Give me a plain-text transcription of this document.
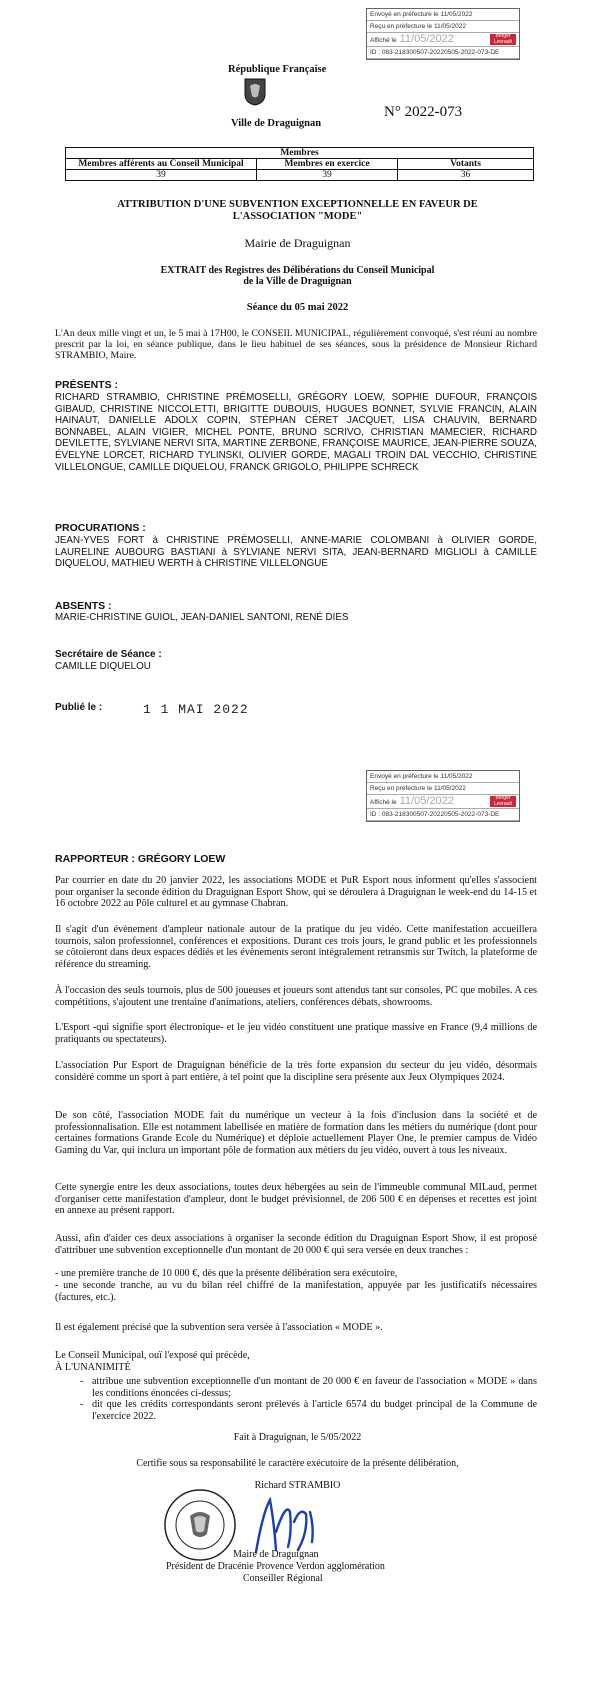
Envoyé en préfecture le 11/05/2022
Reçu en préfecture le 11/05/2022
Affiché le 11/05/2022
ID : 083-218300507-20220505-2022-073-DE
Berger Levrault
République Française
Ville de Draguignan
N° 2022-073
Membres		
Membres afférents au Conseil Municipal	Membres en exercice	Votants
39	39	36
ATTRIBUTION D'UNE SUBVENTION EXCEPTIONNELLE EN FAVEUR DE
L'ASSOCIATION "MODE"
Mairie de Draguignan
EXTRAIT des Registres des Délibérations du Conseil Municipal
de la Ville de Draguignan
Séance du 05 mai 2022
L'An deux mille vingt et un, le 5 mai à 17H00, le CONSEIL MUNICIPAL, régulièrement convoqué, s'est réuni au nombre prescrit par la loi, en séance publique, dans le lieu habituel de ses séances, sous la présidence de Monsieur Richard STRAMBIO, Maire.
PRÉSENTS :
RICHARD STRAMBIO, CHRISTINE PRÉMOSELLI, GRÉGORY LOEW, SOPHIE DUFOUR, FRANÇOIS GIBAUD, CHRISTINE NICCOLETTI, BRIGITTE DUBOUIS, HUGUES BONNET, SYLVIE FRANCIN, ALAIN HAINAUT, DANIELLE ADOLX COPIN, STÉPHAN CÉRET JACQUET, LISA CHAUVIN, BERNARD BONNABEL, ALAIN VIGIER, MICHEL PONTE, BRUNO SCRIVO, CHRISTIAN MAMECIER, RICHARD DEVILETTE, SYLVIANE NERVI SITA, MARTINE ZERBONE, FRANÇOISE MAURICE, JEAN-PIERRE SOUZA, ÉVELYNE LORCET, RICHARD TYLINSKI, OLIVIER GORDE, MAGALI TROIN DAL VECCHIO, CHRISTINE VILLELONGUE, CAMILLE DIQUELOU, FRANCK GRIGOLO, PHILIPPE SCHRECK
PROCURATIONS :
JEAN-YVES FORT à CHRISTINE PRÉMOSELLI, ANNE-MARIE COLOMBANI à OLIVIER GORDE, LAURELINE AUBOURG BASTIANI à SYLVIANE NERVI SITA, JEAN-BERNARD MIGLIOLI à CAMILLE DIQUELOU, MATHIEU WERTH à CHRISTINE VILLELONGUE
ABSENTS :
MARIE-CHRISTINE GUIOL, JEAN-DANIEL SANTONI, RENÉ DIES
Secrétaire de Séance :
CAMILLE DIQUELOU
Publié le :	1 1 MAI 2022
Envoyé en préfecture le 11/05/2022
Reçu en préfecture le 11/05/2022
Affiché le 11/05/2022
ID : 083-218300507-20220505-2022-073-DE
Berger Levrault
RAPPORTEUR : GRÉGORY LOEW
Par courrier en date du 20 janvier 2022, les associations MODE et PuR Esport nous informent qu'elles s'associent pour organiser la seconde édition du Draguignan Esport Show, qui se déroulera à Draguignan le week-end du 14-15 et 16 octobre 2022 au Pôle culturel et au gymnase Chabran.
Il s'agit d'un évènement d'ampleur nationale autour de la pratique du jeu vidéo. Cette manifestation accueillera tournois, salon professionnel, conférences et expositions. Durant ces trois jours, le grand public et les professionnels se côtoieront dans deux espaces dédiés et les évènements seront intégralement retransmis sur Twitch, la plateforme de référence du streaming.
À l'occasion des seuls tournois, plus de 500 joueuses et joueurs sont attendus tant sur consoles, PC que mobiles. A ces compétitions, s'ajoutent une trentaine d'animations, ateliers, conférences débats, showrooms.
L'Esport -qui signifie sport électronique- et le jeu vidéo constituent une pratique massive en France (9,4 millions de pratiquants ou spectateurs).
L'association Pur Esport de Draguignan bénéficie de la très forte expansion du secteur du jeu vidéo, désormais considéré comme un sport à part entière, à tel point que la discipline sera présente aux Jeux Olympiques 2024.
De son côté, l'association MODE fait du numérique un vecteur à la fois d'inclusion dans la société et de professionnalisation. Elle est notamment labellisée en matière de formation dans les métiers du numérique (dont pour certaines formations Grande Ecole du Numérique) et déploie actuellement Player One, le premier campus de Vidéo Gaming du Var, qui inclura un important pôle de formation aux métiers du jeu vidéo, ouvert à tous les niveaux.
Cette synergie entre les deux associations, toutes deux hébergées au sein de l'immeuble communal MILaud, permet d'organiser cette manifestation d'ampleur, dont le budget prévisionnel, de 206 500 € en dépenses et recettes est joint en annexe au présent rapport.
Aussi, afin d'aider ces deux associations à organiser la seconde édition du Draguignan Esport Show, il est proposé d'attribuer une subvention exceptionnelle d'un montant de 20 000 € qui sera versée en deux tranches :
- une première tranche de 10 000 €, dès que la présente délibération sera exécutoire,
- une seconde tranche, au vu du bilan réel chiffré de la manifestation, appuyée par les justificatifs nécessaires (factures, etc.).
Il est également précisé que la subvention sera versée à l'association « MODE ».
Le Conseil Municipal, ouï l'exposé qui précède,
À L'UNANIMITÉ
- attribue une subvention exceptionnelle d'un montant de 20 000 € en faveur de l'association « MODE » dans les conditions énoncées ci-dessus;
- dit que les crédits correspondants seront prélevés à l'article 6574 du budget principal de la Commune de l'exercice 2022.
Fait à Draguignan, le 5/05/2022
Certifie sous sa responsabilité le caractère exécutoire de la présente délibération,
Richard STRAMBIO
Maire de Draguignan
Président de Dracénie Provence Verdon agglomération
Conseiller Régional
